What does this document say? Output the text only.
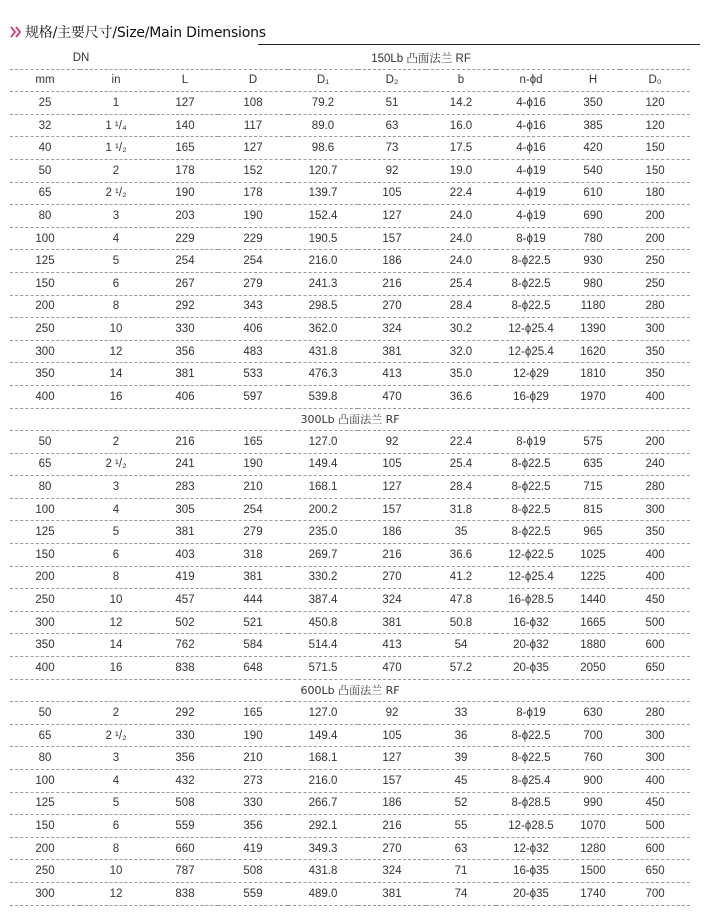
规格/主要尺寸/Size/Main Dimensions
DN		150Lb 凸面法兰 RF							
mm	in	L	D	D₁	D₂	b	n-ϕd	H	D₀
25	1	127	108	79.2	51	14.2	4-ϕ16	350	120
32	1 ¹/₄	140	117	89.0	63	16.0	4-ϕ16	385	120
40	1 ¹/₂	165	127	98.6	73	17.5	4-ϕ16	420	150
50	2	178	152	120.7	92	19.0	4-ϕ19	540	150
65	2 ¹/₂	190	178	139.7	105	22.4	4-ϕ19	610	180
80	3	203	190	152.4	127	24.0	4-ϕ19	690	200
100	4	229	229	190.5	157	24.0	8-ϕ19	780	200
125	5	254	254	216.0	186	24.0	8-ϕ22.5	930	250
150	6	267	279	241.3	216	25.4	8-ϕ22.5	980	250
200	8	292	343	298.5	270	28.4	8-ϕ22.5	1180	280
250	10	330	406	362.0	324	30.2	12-ϕ25.4	1390	300
300	12	356	483	431.8	381	32.0	12-ϕ25.4	1620	350
350	14	381	533	476.3	413	35.0	12-ϕ29	1810	350
400	16	406	597	539.8	470	36.6	16-ϕ29	1970	400
300Lb 凸面法兰 RF									
50	2	216	165	127.0	92	22.4	8-ϕ19	575	200
65	2 ¹/₂	241	190	149.4	105	25.4	8-ϕ22.5	635	240
80	3	283	210	168.1	127	28.4	8-ϕ22.5	715	280
100	4	305	254	200.2	157	31.8	8-ϕ22.5	815	300
125	5	381	279	235.0	186	35	8-ϕ22.5	965	350
150	6	403	318	269.7	216	36.6	12-ϕ22.5	1025	400
200	8	419	381	330.2	270	41.2	12-ϕ25.4	1225	400
250	10	457	444	387.4	324	47.8	16-ϕ28.5	1440	450
300	12	502	521	450.8	381	50.8	16-ϕ32	1665	500
350	14	762	584	514.4	413	54	20-ϕ32	1880	600
400	16	838	648	571.5	470	57.2	20-ϕ35	2050	650
600Lb 凸面法兰 RF									
50	2	292	165	127.0	92	33	8-ϕ19	630	280
65	2 ¹/₂	330	190	149.4	105	36	8-ϕ22.5	700	300
80	3	356	210	168.1	127	39	8-ϕ22.5	760	300
100	4	432	273	216.0	157	45	8-ϕ25.4	900	400
125	5	508	330	266.7	186	52	8-ϕ28.5	990	450
150	6	559	356	292.1	216	55	12-ϕ28.5	1070	500
200	8	660	419	349.3	270	63	12-ϕ32	1280	600
250	10	787	508	431.8	324	71	16-ϕ35	1500	650
300	12	838	559	489.0	381	74	20-ϕ35	1740	700
